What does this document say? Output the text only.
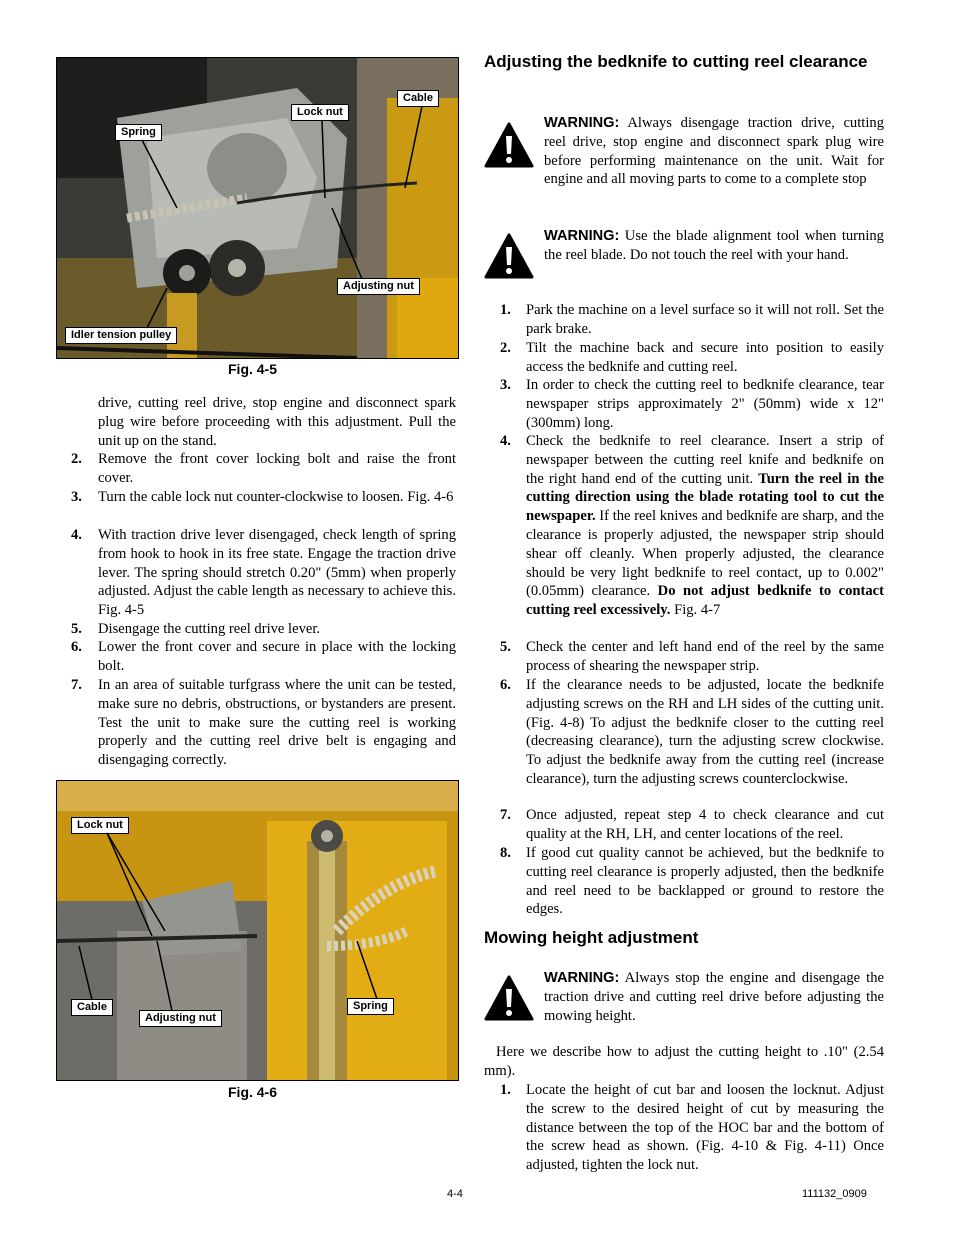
Cable
Lock nut
Spring
Adjusting nut
Idler tension pulley
Fig. 4-5
drive, cutting reel drive, stop engine and disconnect spark plug wire before proceeding with this adjustment. Pull the unit up on the stand.
2. Remove the front cover locking bolt and raise the front cover.
3. Turn the cable lock nut counter-clockwise to loosen. Fig. 4-6
4. With traction drive lever disengaged, check length of spring from hook to hook in its free state. Engage the traction drive lever. The spring should stretch 0.20" (5mm) when properly adjusted. Adjust the cable length as necessary to achieve this. Fig. 4-5
5. Disengage the cutting reel drive lever.
6. Lower the front cover and secure in place with the locking bolt.
7. In an area of suitable turfgrass where the unit can be tested, make sure no debris, obstructions, or bystanders are present. Test the unit to make sure the cutting reel is working properly and the cutting reel drive belt is engaging and disengaging correctly.
Lock nut
Cable
Adjusting nut
Spring
Fig. 4-6
Adjusting the bedknife to cutting reel clearance
WARNING: Always disengage traction drive, cutting reel drive, stop engine and disconnect spark plug wire before performing maintenance on the unit. Wait for engine and all moving parts to come to a complete stop
WARNING: Use the blade alignment tool when turning the reel blade. Do not touch the reel with your hand.
1. Park the machine on a level surface so it will not roll. Set the park brake.
2. Tilt the machine back and secure into position to easily access the bedknife and cutting reel.
3. In order to check the cutting reel to bedknife clearance, tear newspaper strips approximately 2" (50mm) wide x 12" (300mm) long.
4. Check the bedknife to reel clearance. Insert a strip of newspaper between the cutting reel knife and bedknife on the right hand end of the cutting unit. Turn the reel in the cutting direction using the blade rotating tool to cut the newspaper. If the reel knives and bedknife are sharp, and the clearance is properly adjusted, the newspaper strip should shear off cleanly. When properly adjusted, the clearance should be very light bedknife to reel contact, up to 0.002" (0.05mm) clearance. Do not adjust bedknife to contact cutting reel excessively. Fig. 4-7
5. Check the center and left hand end of the reel by the same process of shearing the newspaper strip.
6. If the clearance needs to be adjusted, locate the bedknife adjusting screws on the RH and LH sides of the cutting unit. (Fig. 4-8) To adjust the bedknife closer to the cutting reel (decreasing clearance), turn the adjusting screw clockwise. To adjust the bedknife away from the cutting reel (increase clearance), turn the adjusting screws counterclockwise.
7. Once adjusted, repeat step 4 to check clearance and cut quality at the RH, LH, and center locations of the reel.
8. If good cut quality cannot be achieved, but the bedknife to cutting reel clearance is properly adjusted, then the bedknife and reel need to be backlapped or ground to restore the edges.
Mowing height adjustment
WARNING: Always stop the engine and disengage the traction drive and cutting reel drive before adjusting the mowing height.
Here we describe how to adjust the cutting height to .10" (2.54 mm).
1. Locate the height of cut bar and loosen the locknut. Adjust the screw to the desired height of cut by measuring the distance between the top of the HOC bar and the bottom of the screw head as shown. (Fig. 4-10 & Fig. 4-11) Once adjusted, tighten the lock nut.
4-4	111132_0909
